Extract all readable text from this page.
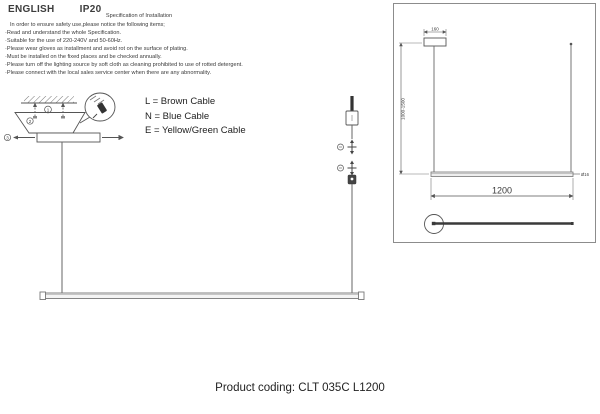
ENGLISH	IP20
Specification of Installation
In order to ensure safety use,please notice the following items;
· Read and understand the whole Specification.
· Suitable for the use of 220-240V and 50-60Hz.
· Please wear gloves as installment and avoid rot on the surface of plating.
· Must be installed on the fixed places and be checked annually.
· Please turn off the lighting source by soft cloth as cleaning prohibited to use of rotted detergent.
· Please connect with the local sales service center when there are any abnormality.
L = Brown Cable
N = Blue Cable
E = Yellow/Green Cable
1
2
3
160
1000-1500
Ø16
1200
Product coding: CLT 035C L1200
